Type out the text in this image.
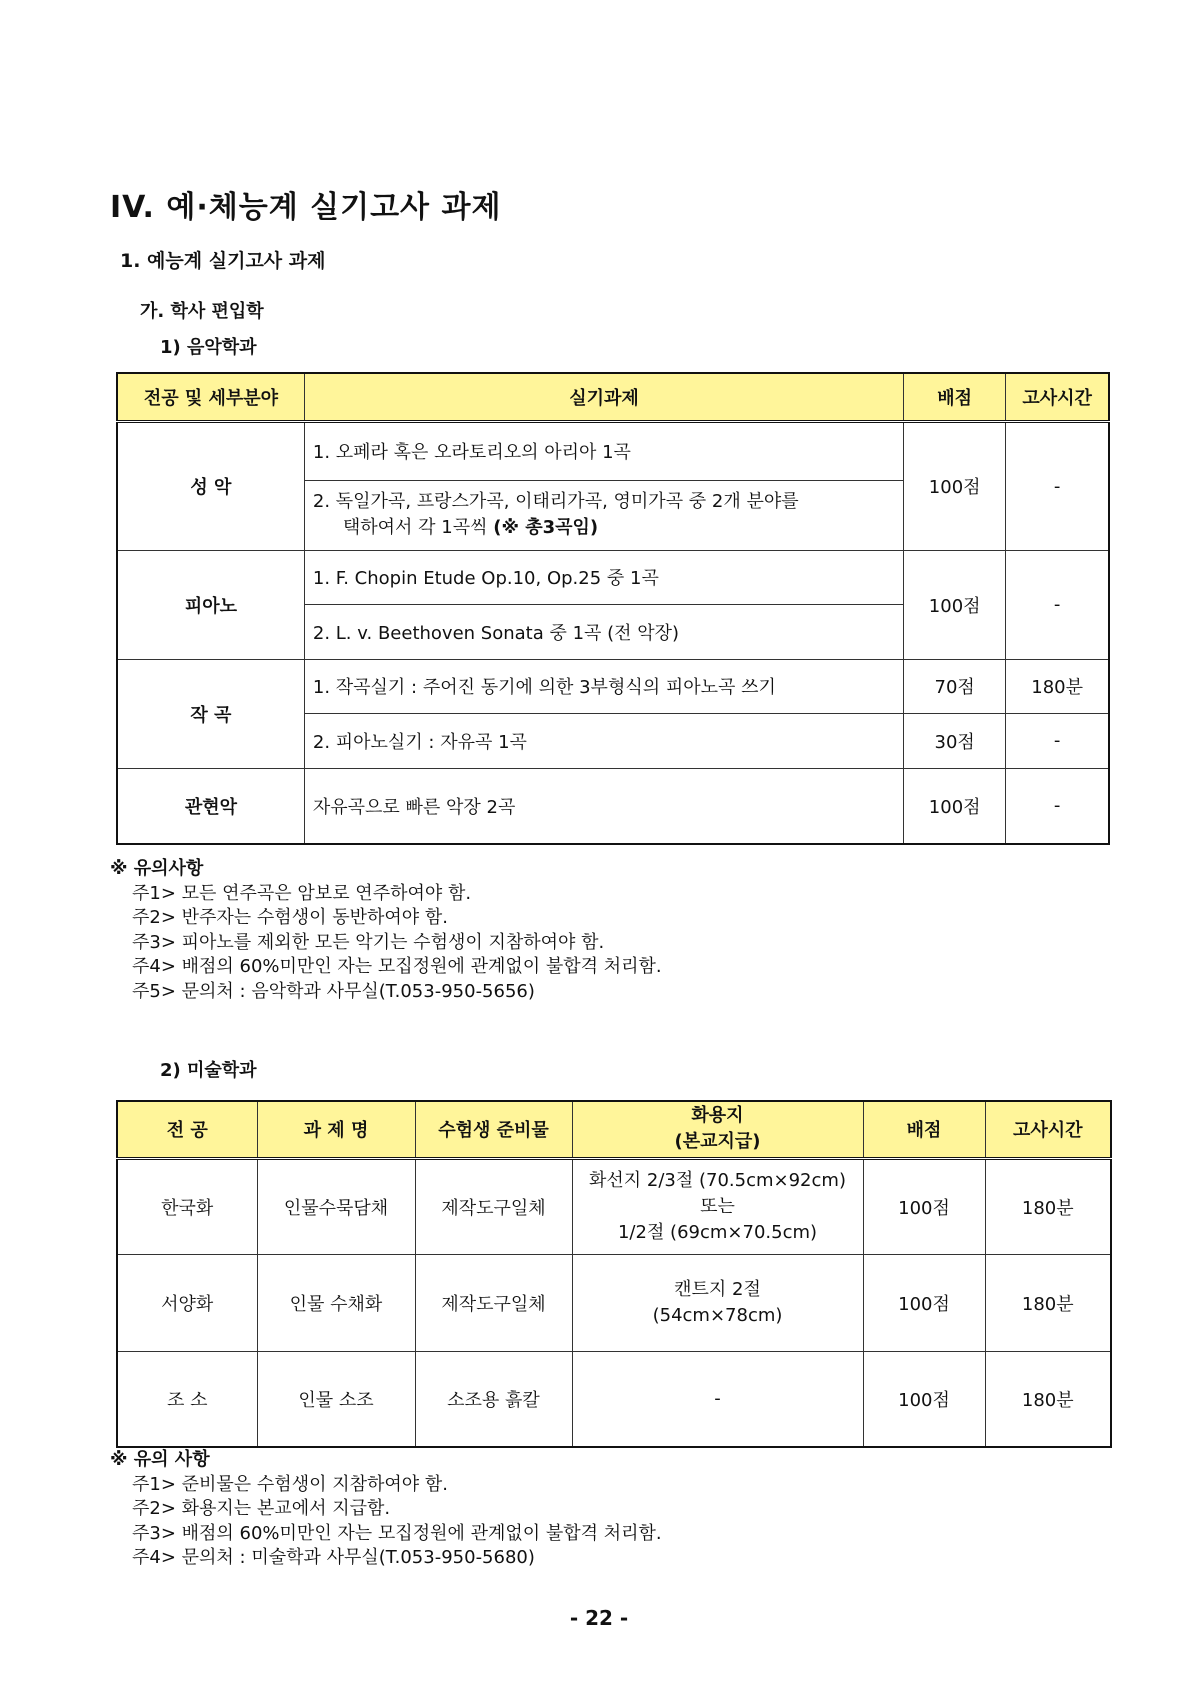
IV. 예·체능계 실기고사 과제
1. 예능계 실기고사 과제
가. 학사 편입학
1) 음악학과
전공 및 세부분야	실기과제	배점	고사시간
성 악	1. 오페라 혹은 오라토리오의 아리아 1곡	100점	-

	2. 독일가곡, 프랑스가곡, 이태리가곡, 영미가곡 중 2개 분야를
택하여서 각 1곡씩 (※ 총3곡임)		

피아노	1. F. Chopin Etude Op.10, Op.25 중 1곡	100점	-
	2. L. v. Beethoven Sonata 중 1곡 (전 악장)		
작 곡	1. 작곡실기 : 주어진 동기에 의한 3부형식의 피아노곡 쓰기	70점	180분
	2. 피아노실기 : 자유곡 1곡	30점	-
관현악	자유곡으로 빠른 악장 2곡	100점	-
※ 유의사항
주1> 모든 연주곡은 암보로 연주하여야 함.
주2> 반주자는 수험생이 동반하여야 함.
주3> 피아노를 제외한 모든 악기는 수험생이 지참하여야 함.
주4> 배점의 60%미만인 자는 모집정원에 관계없이 불합격 처리함.
주5> 문의처 : 음악학과 사무실(T.053-950-5656)
2) 미술학과
전 공	과 제 명	수험생 준비물	화용지
(본교지급)	배점	고사시간
한국화	인물수묵담채	제작도구일체	화선지 2/3절 (70.5cm×92cm)
또는
1/2절 (69cm×70.5cm)	100점	180분
서양화	인물 수채화	제작도구일체	캔트지 2절
(54cm×78cm)	100점	180분
조 소	인물 소조	소조용 흙칼	-	100점	180분
※ 유의 사항
주1> 준비물은 수험생이 지참하여야 함.
주2> 화용지는 본교에서 지급함.
주3> 배점의 60%미만인 자는 모집정원에 관계없이 불합격 처리함.
주4> 문의처 : 미술학과 사무실(T.053-950-5680)
- 22 -
